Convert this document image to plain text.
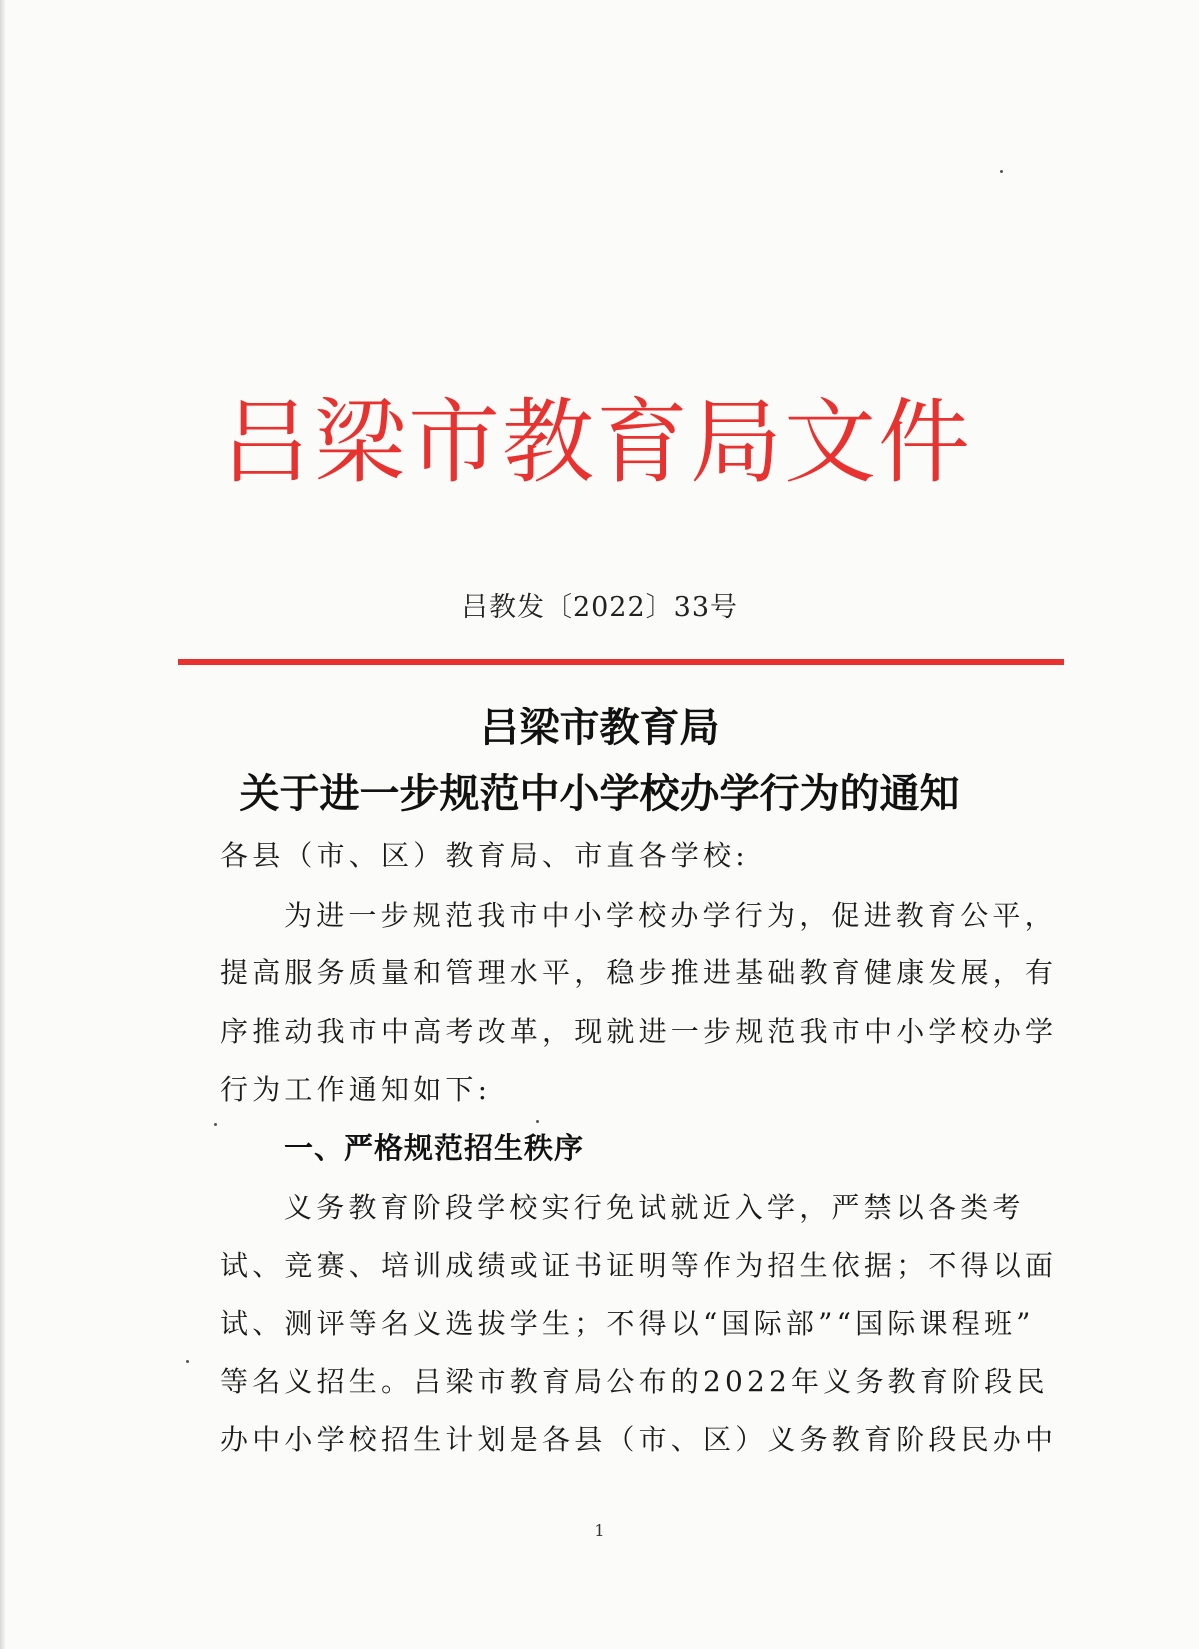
吕梁市教育局文件
吕教发〔2022〕33号
吕梁市教育局
关于进一步规范中小学校办学行为的通知
各县（市、区）教育局、市直各学校:
为进一步规范我市中小学校办学行为，促进教育公平，
提高服务质量和管理水平，稳步推进基础教育健康发展，有
序推动我市中高考改革，现就进一步规范我市中小学校办学
行为工作通知如下:
一、严格规范招生秩序
义务教育阶段学校实行免试就近入学，严禁以各类考
试、竞赛、培训成绩或证书证明等作为招生依据；不得以面
试、测评等名义选拔学生；不得以“国际部”“国际课程班”
等名义招生。吕梁市教育局公布的2022年义务教育阶段民
办中小学校招生计划是各县（市、区）义务教育阶段民办中
1
